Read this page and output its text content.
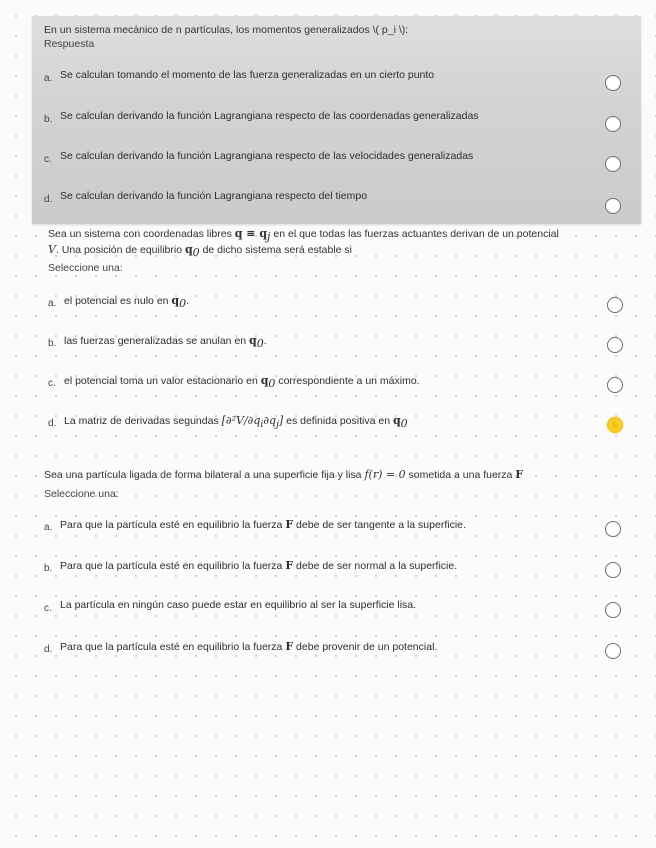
En un sistema mecánico de n partículas, los momentos generalizados \( p_i \):
Respuesta
a. Se calculan tomando el momento de las fuerza generalizadas en un cierto punto
b. Se calculan derivando la función Lagrangiana respecto de las coordenadas generalizadas
c. Se calculan derivando la función Lagrangiana respecto de las velocidades generalizadas
d. Se calculan derivando la función Lagrangiana respecto del tiempo
Sea un sistema con coordenadas libres $q \equiv q_j$ en el que todas las fuerzas actuantes derivan de un potencial
V. Una posición de equilibrio $q_0$ de dicho sistema será estable si
Seleccione una:
a. el potencial es nulo en $q_0$.
b. las fuerzas generalizadas se anulan en $q_0$.
c. el potencial toma un valor estacionario en $q_0$ correspondiente a un máximo.
d. La matriz de derivadas segundas $[\partial^2V/\partial q_i\partial q_j]$ es definida positiva en $q_0$
Sea una partícula ligada de forma bilateral a una superficie fija y lisa f(r) = 0 sometida a una fuerza F
Seleccione una:
a. Para que la partícula esté en equilibrio la fuerza F debe de ser tangente a la superficie.
b. Para que la partícula esté en equilibrio la fuerza F debe de ser normal a la superficie.
c. La partícula en ningún caso puede estar en equilibrio al ser la superficie lisa.
d. Para que la partícula esté en equilibrio la fuerza F debe provenir de un potencial.
